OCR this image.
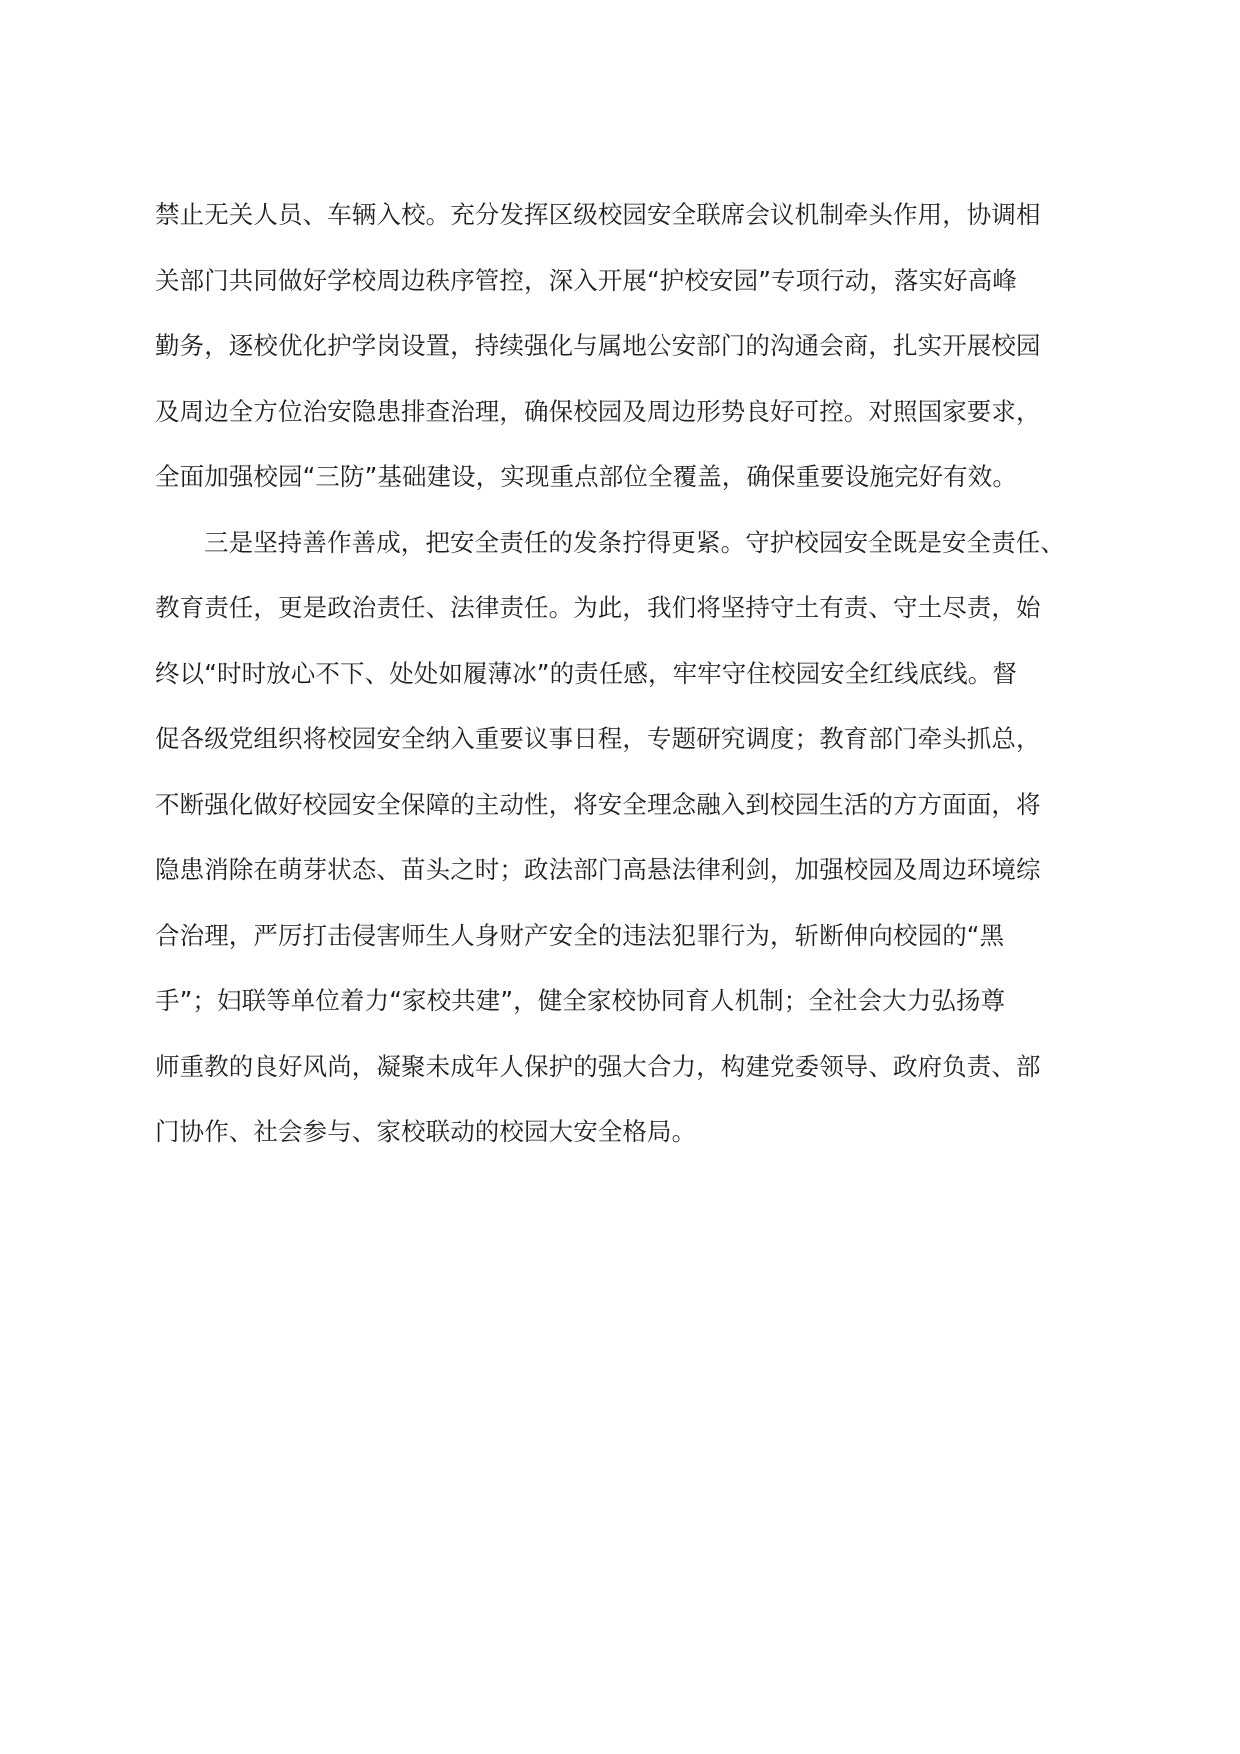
禁止无关人员、车辆入校。充分发挥区级校园安全联席会议机制牵头作用，协调相
关部门共同做好学校周边秩序管控，深入开展“护校安园”专项行动，落实好高峰
勤务，逐校优化护学岗设置，持续强化与属地公安部门的沟通会商，扎实开展校园
及周边全方位治安隐患排查治理，确保校园及周边形势良好可控。对照国家要求，
全面加强校园“三防”基础建设，实现重点部位全覆盖，确保重要设施完好有效。
三是坚持善作善成，把安全责任的发条拧得更紧。守护校园安全既是安全责任、
教育责任，更是政治责任、法律责任。为此，我们将坚持守土有责、守土尽责，始
终以“时时放心不下、处处如履薄冰”的责任感，牢牢守住校园安全红线底线。督
促各级党组织将校园安全纳入重要议事日程，专题研究调度；教育部门牵头抓总，
不断强化做好校园安全保障的主动性，将安全理念融入到校园生活的方方面面，将
隐患消除在萌芽状态、苗头之时；政法部门高悬法律利剑，加强校园及周边环境综
合治理，严厉打击侵害师生人身财产安全的违法犯罪行为，斩断伸向校园的“黑
手”；妇联等单位着力“家校共建”，健全家校协同育人机制；全社会大力弘扬尊
师重教的良好风尚，凝聚未成年人保护的强大合力，构建党委领导、政府负责、部
门协作、社会参与、家校联动的校园大安全格局。
